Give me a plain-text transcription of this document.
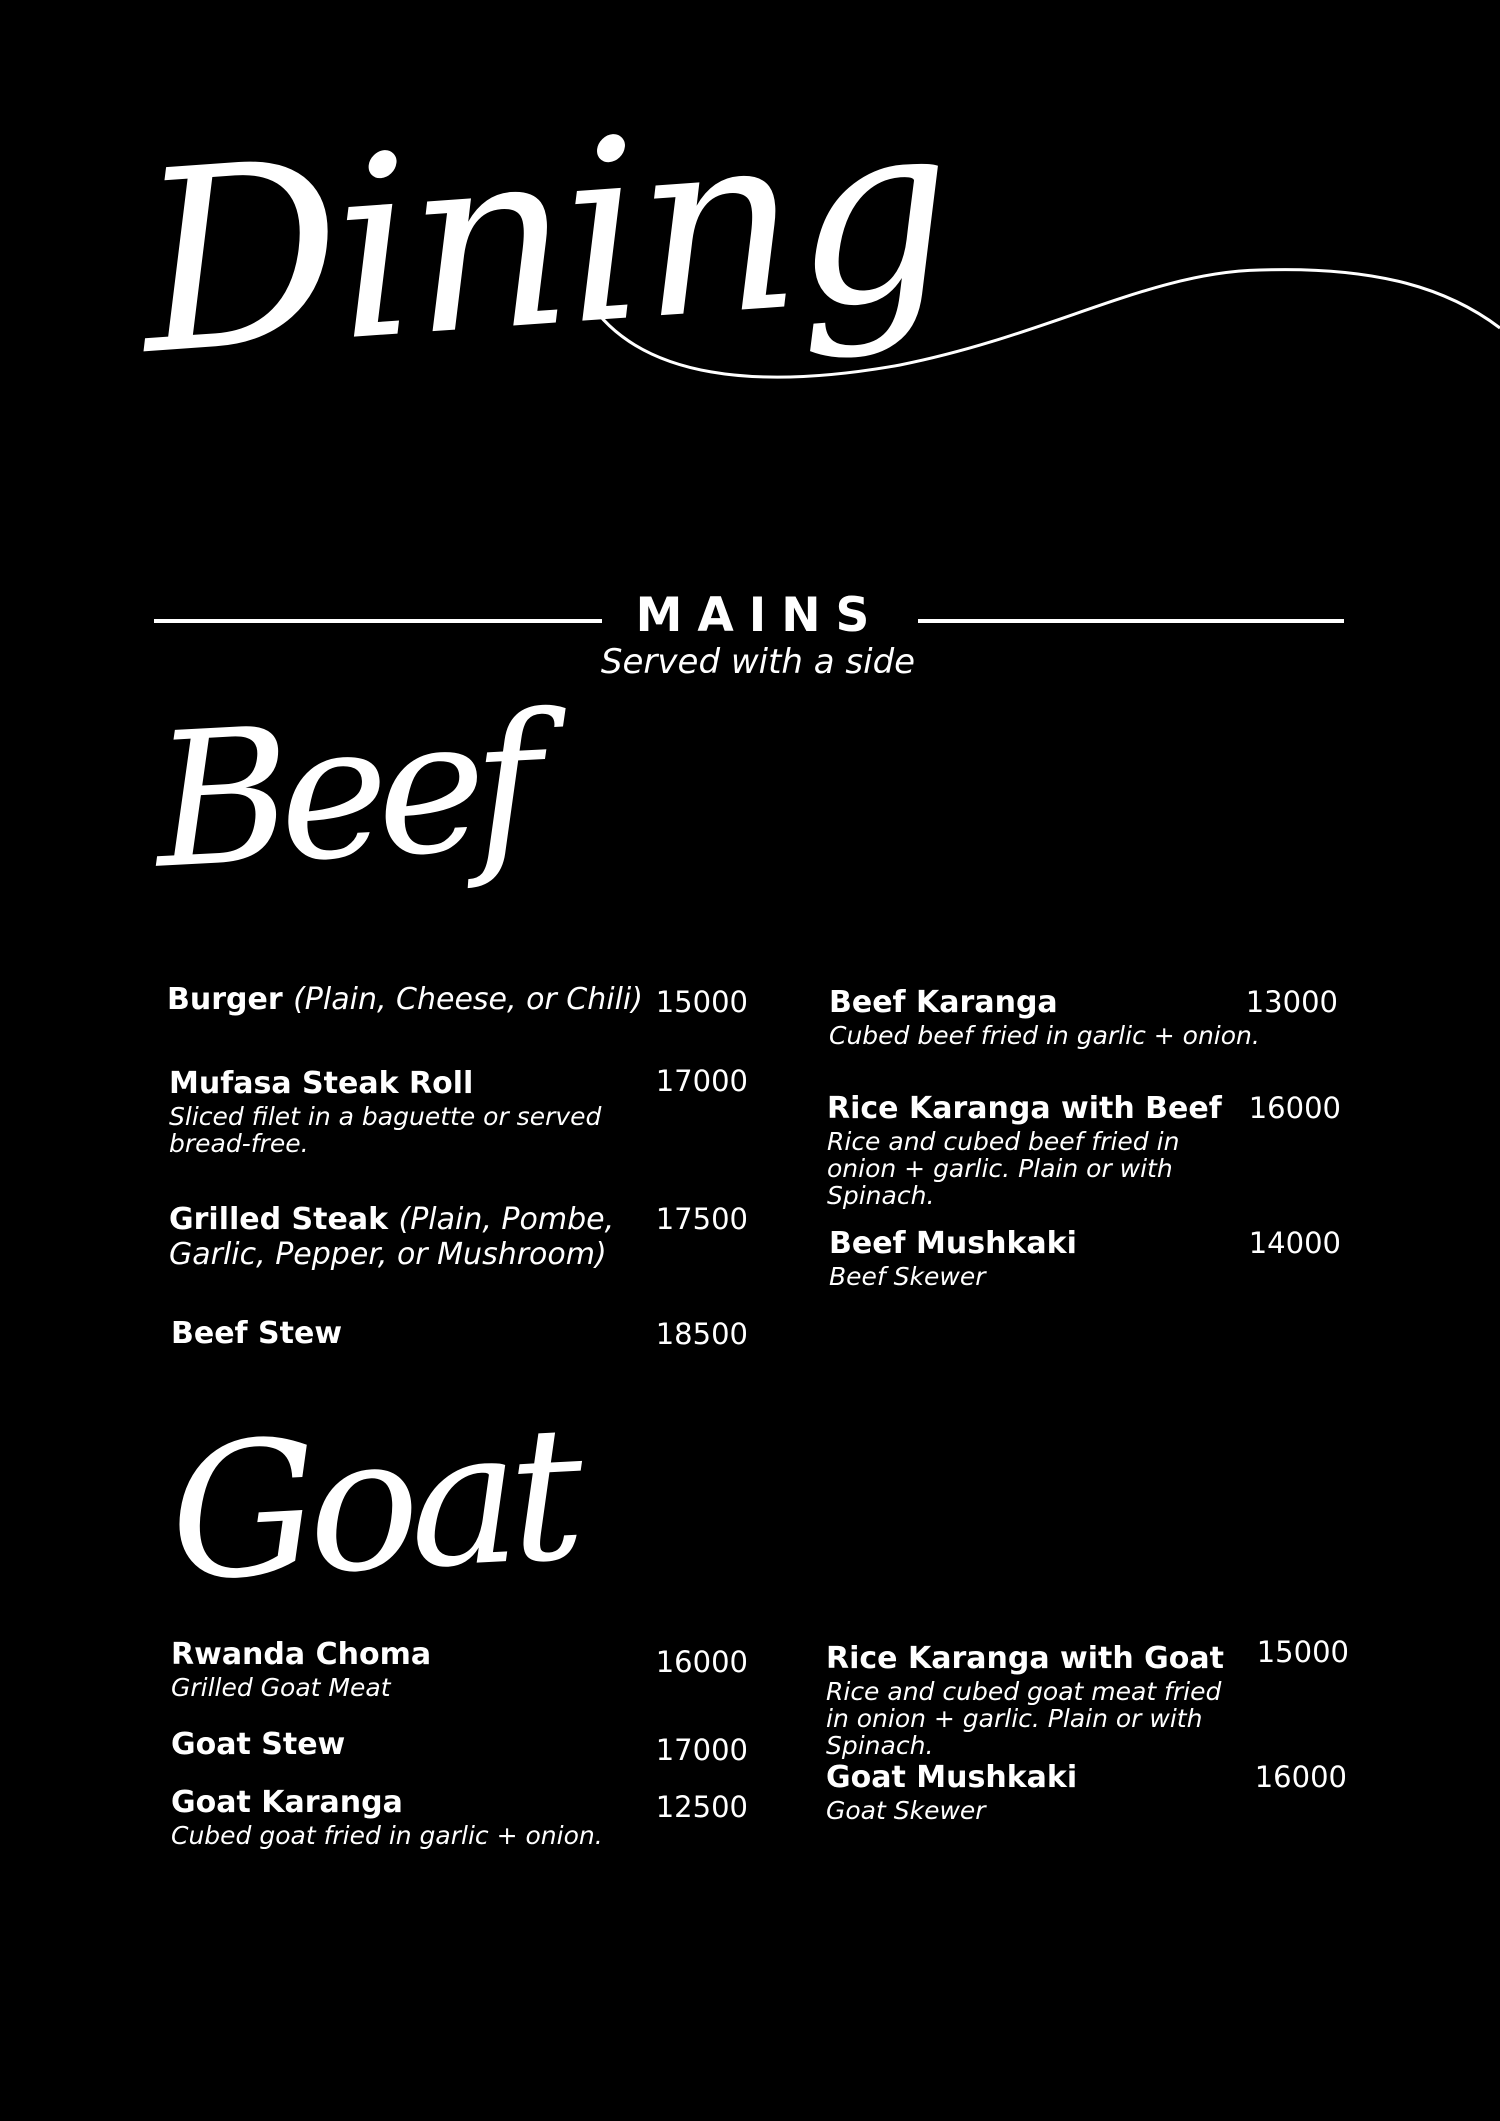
Dining
MAINS
Served with a side
Beef
Burger (Plain, Cheese, or Chili) 15000
Mufasa Steak Roll
Sliced filet in a baguette or served bread-free.
17000
Grilled Steak (Plain, Pombe,
Garlic, Pepper, or Mushroom)
17500
Beef Stew	18500
Beef Karanga
Cubed beef fried in garlic + onion.
13000
Rice Karanga with Beef
Rice and cubed beef fried in onion + garlic. Plain or with Spinach.
16000
Beef Mushkaki
Beef Skewer
14000
Goat
Rwanda Choma
Grilled Goat Meat
16000
Goat Stew	17000
Goat Karanga
Cubed goat fried in garlic + onion.
12500
Rice Karanga with Goat
Rice and cubed goat meat fried in onion + garlic. Plain or with Spinach.
15000
Goat Mushkaki
Goat Skewer
16000
